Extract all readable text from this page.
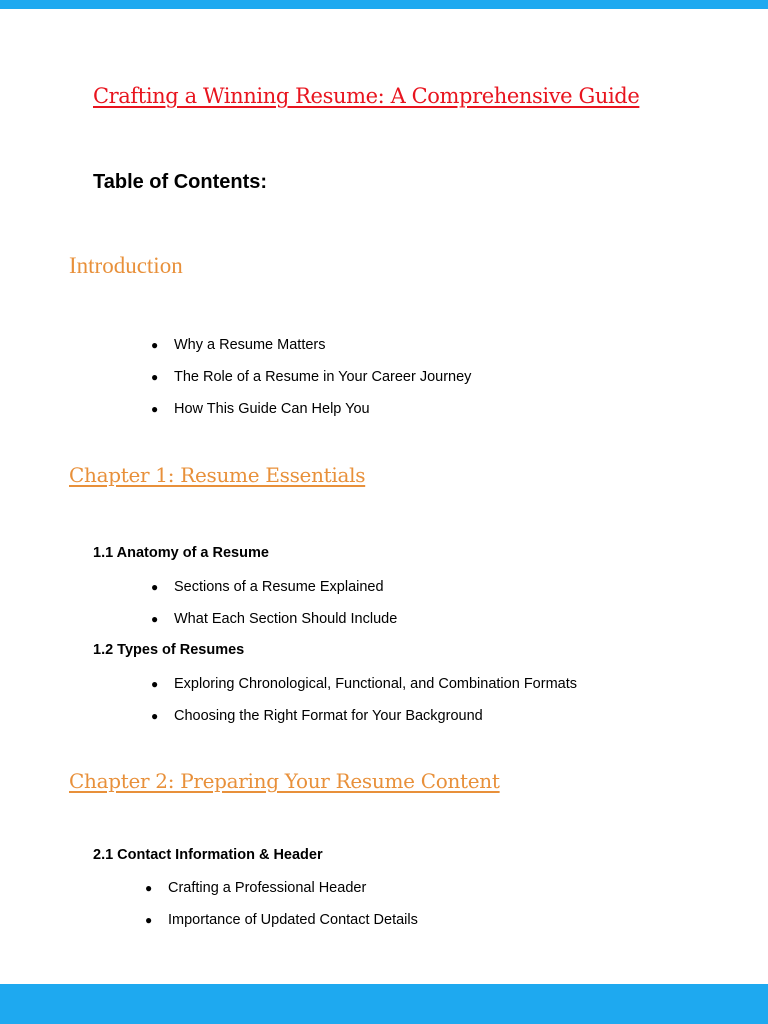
Crafting a Winning Resume: A Comprehensive Guide
Table of Contents:
Introduction
● Why a Resume Matters
● The Role of a Resume in Your Career Journey
● How This Guide Can Help You
Chapter 1: Resume Essentials
1.1 Anatomy of a Resume
● Sections of a Resume Explained
● What Each Section Should Include
1.2 Types of Resumes
● Exploring Chronological, Functional, and Combination Formats
● Choosing the Right Format for Your Background
Chapter 2: Preparing Your Resume Content
2.1 Contact Information & Header
● Crafting a Professional Header
● Importance of Updated Contact Details
